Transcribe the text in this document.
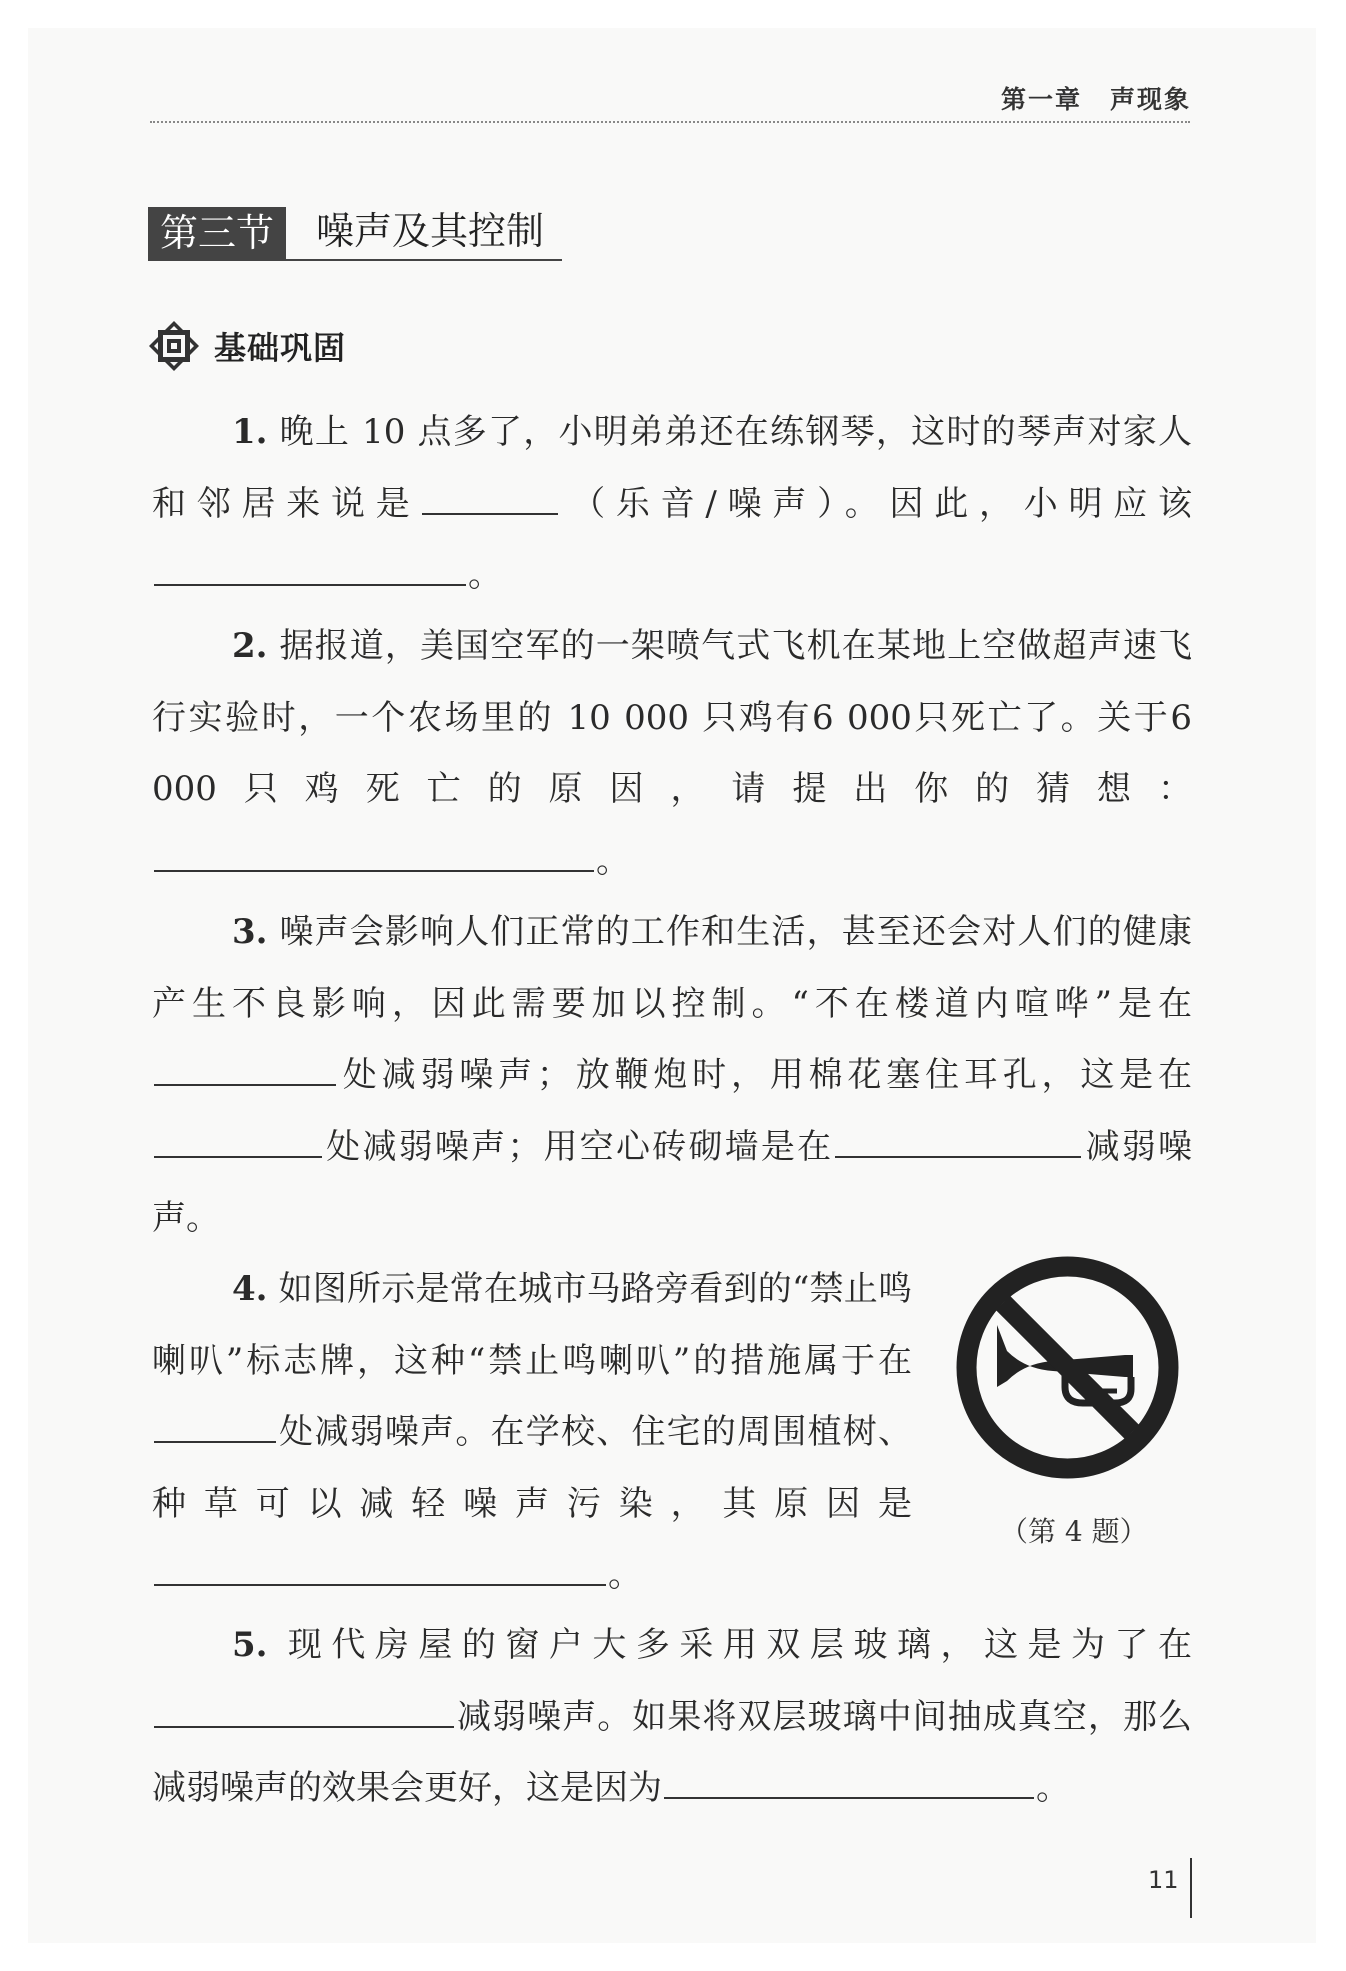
第一章 声现象
第三节	噪声及其控制
基础巩固
1. 晚上 10 点多了，小明弟弟还在练钢琴，这时的琴声对家人和邻居来说是	（乐音/噪声）。因此，小明应该。
2. 据报道，美国空军的一架喷气式飞机在某地上空做超声速飞行实验时，一个农场里的 10 000 只鸡有6 000只死亡了。关于6 000只鸡死亡的原因，请提出你的猜想：。
3. 噪声会影响人们正常的工作和生活，甚至还会对人们的健康产生不良影响，因此需要加以控制。“不在楼道内喧哗”是在处减弱噪声；放鞭炮时，用棉花塞住耳孔，这是在处减弱噪声；用空心砖砌墙是在	减弱噪声。
4. 如图所示是常在城市马路旁看到的“禁止鸣喇叭”标志牌，这种“禁止鸣喇叭”的措施属于在处减弱噪声。在学校、住宅的周围植树、种草可以减轻噪声污染，其原因是。
（第 4 题）
5. 现代房屋的窗户大多采用双层玻璃，这是为了在减弱噪声。如果将双层玻璃中间抽成真空，那么减弱噪声的效果会更好，这是因为	。
11
